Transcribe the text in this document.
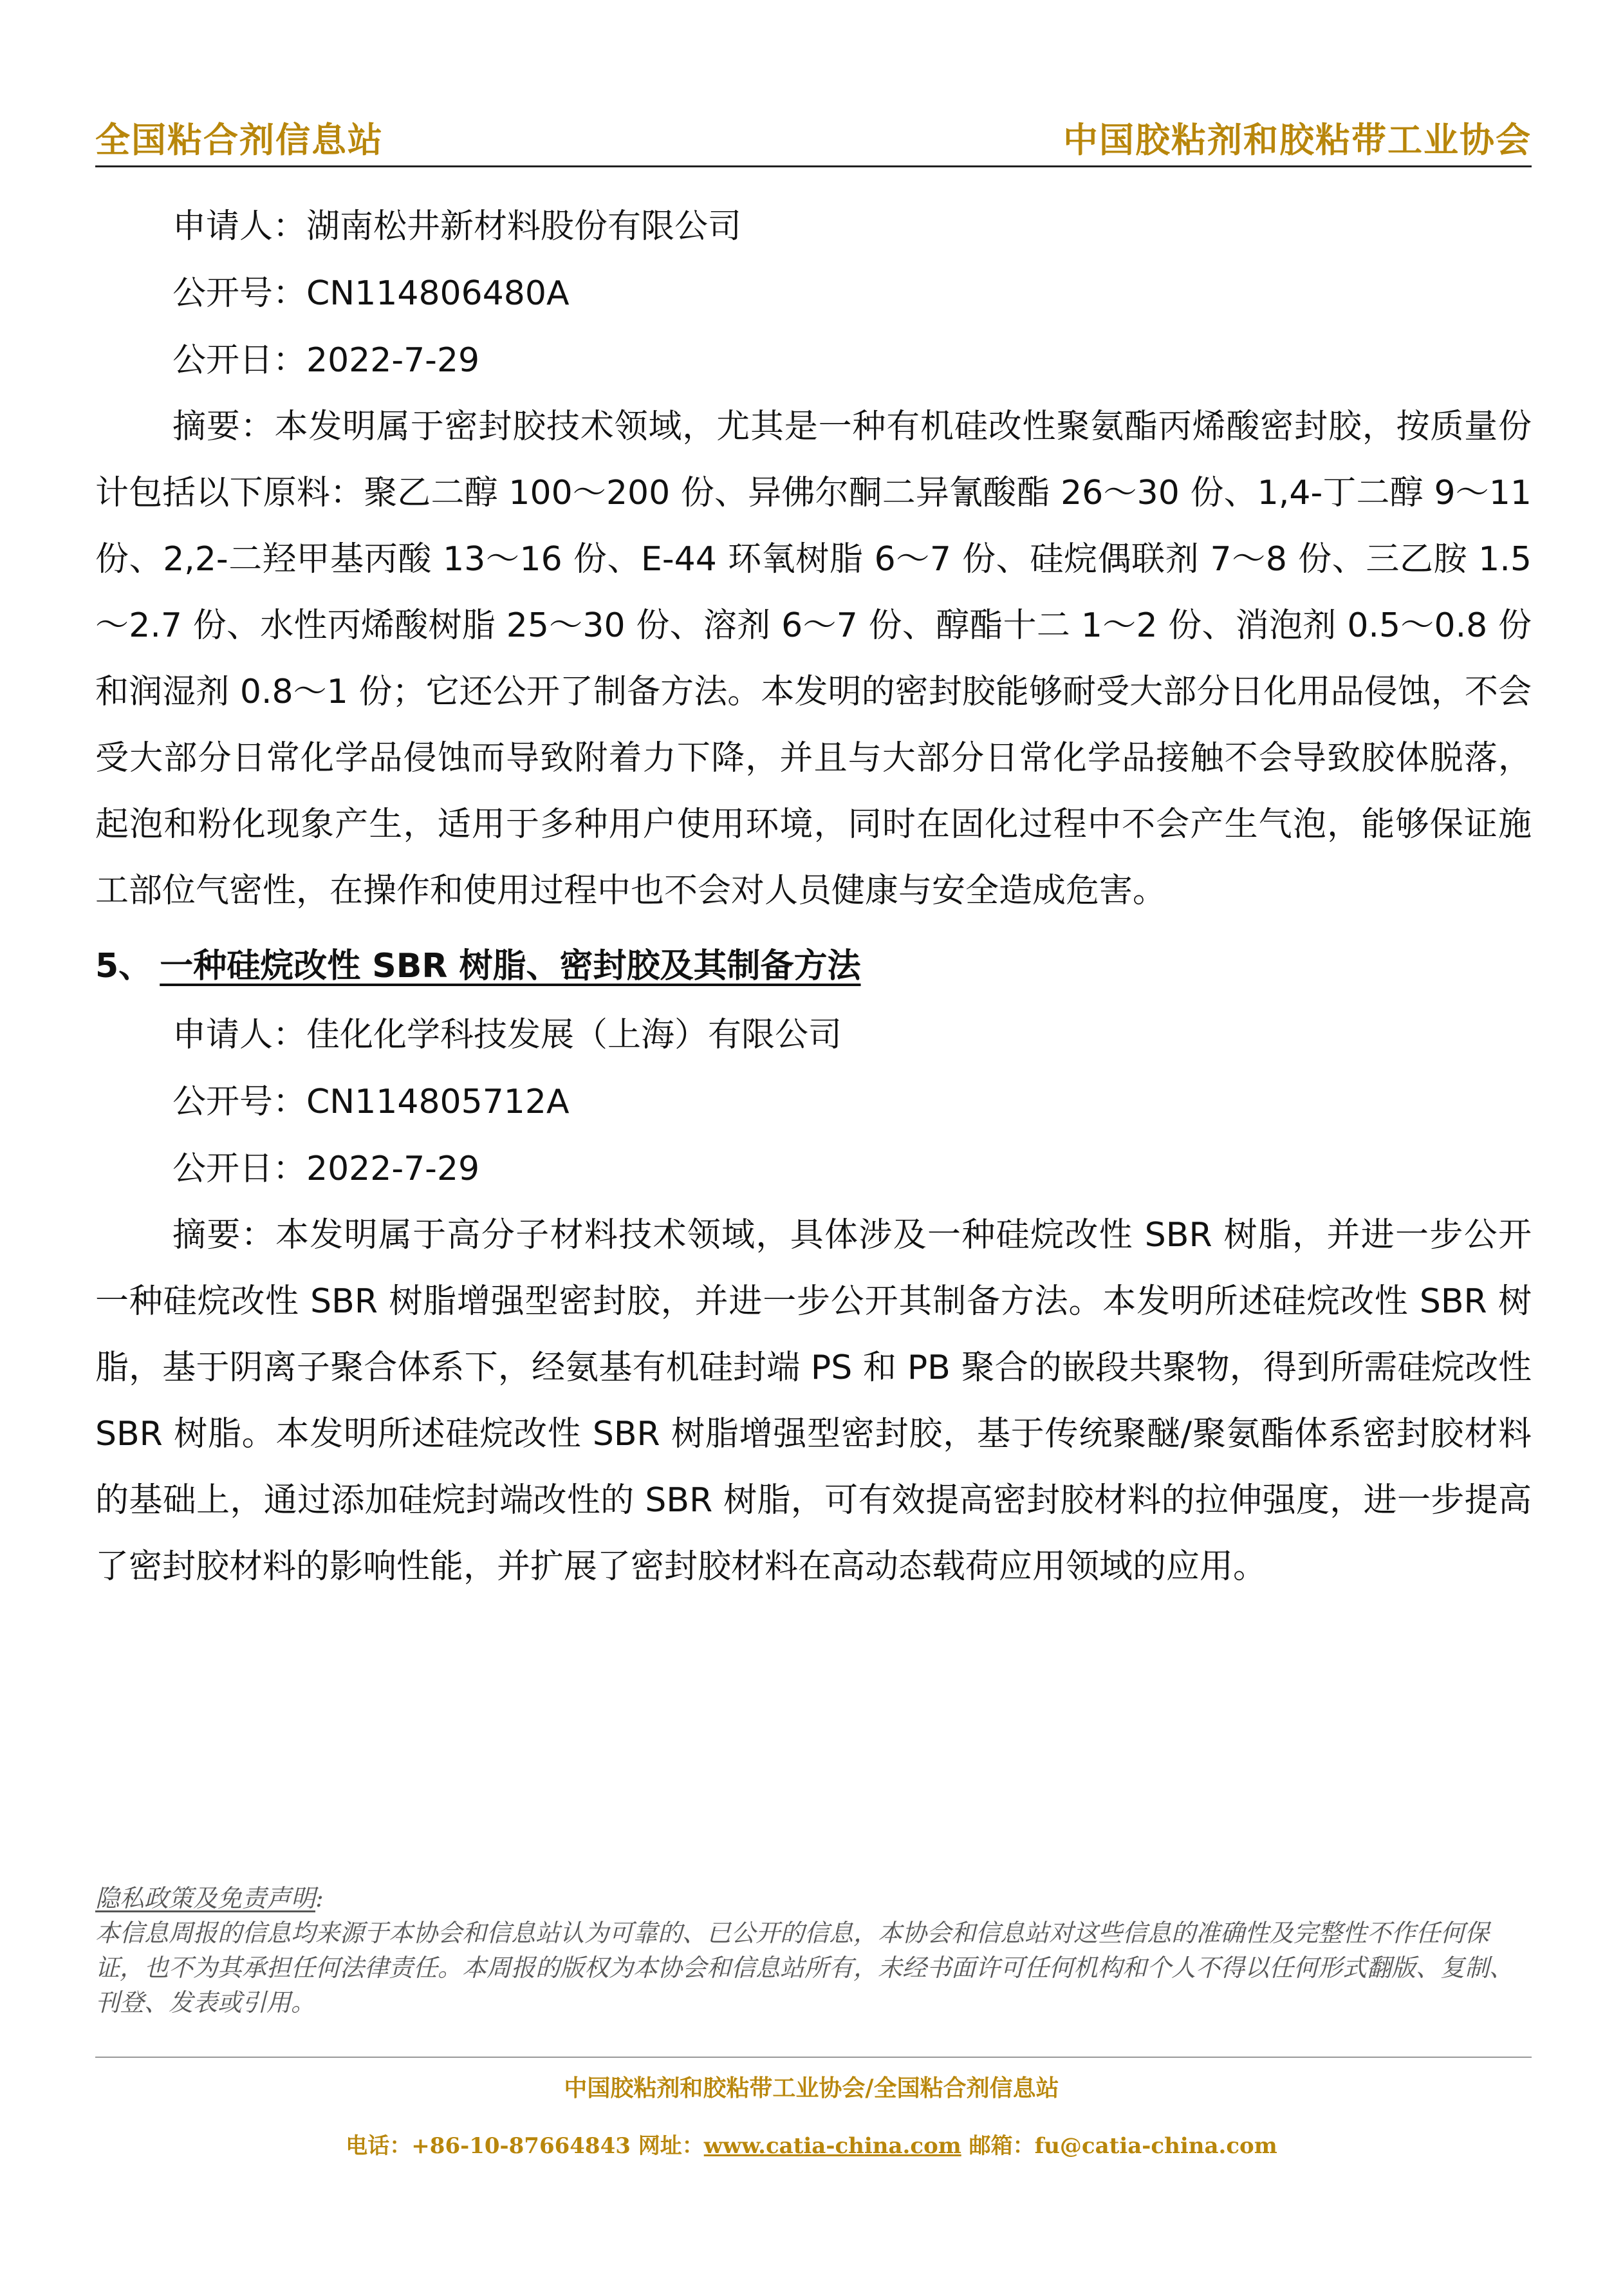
全国粘合剂信息站	中国胶粘剂和胶粘带工业协会
申请人：湖南松井新材料股份有限公司
公开号：CN114806480A
公开日：2022-7-29

摘要：本发明属于密封胶技术领域，尤其是一种有机硅改性聚氨酯丙烯酸密封胶，按质量份计包括以下原料：聚乙二醇 100～200 份、异佛尔酮二异氰酸酯 26～30 份、1,4-丁二醇 9～11 份、2,2-二羟甲基丙酸 13～16 份、E-44 环氧树脂 6～7 份、硅烷偶联剂 7～8 份、三乙胺 1.5～2.7 份、水性丙烯酸树脂 25～30 份、溶剂 6～7 份、醇酯十二 1～2 份、消泡剂 0.5～0.8 份和润湿剂 0.8～1 份；它还公开了制备方法。本发明的密封胶能够耐受大部分日化用品侵蚀，不会受大部分日常化学品侵蚀而导致附着力下降，并且与大部分日常化学品接触不会导致胶体脱落，起泡和粉化现象产生，适用于多种用户使用环境，同时在固化过程中不会产生气泡，能够保证施工部位气密性，在操作和使用过程中也不会对人员健康与安全造成危害。

5、 一种硅烷改性 SBR 树脂、密封胶及其制备方法
申请人：佳化化学科技发展（上海）有限公司
公开号：CN114805712A
公开日：2022-7-29

摘要：本发明属于高分子材料技术领域，具体涉及一种硅烷改性 SBR 树脂，并进一步公开一种硅烷改性 SBR 树脂增强型密封胶，并进一步公开其制备方法。本发明所述硅烷改性 SBR 树脂，基于阴离子聚合体系下，经氨基有机硅封端 PS 和 PB 聚合的嵌段共聚物，得到所需硅烷改性 SBR 树脂。本发明所述硅烷改性 SBR 树脂增强型密封胶，基于传统聚醚/聚氨酯体系密封胶材料的基础上，通过添加硅烷封端改性的 SBR 树脂，可有效提高密封胶材料的拉伸强度，进一步提高了密封胶材料的影响性能，并扩展了密封胶材料在高动态载荷应用领域的应用。

隐私政策及免责声明:

本信息周报的信息均来源于本协会和信息站认为可靠的、已公开的信息，本协会和信息站对这些信息的准确性及完整性不作任何保证，也不为其承担任何法律责任。本周报的版权为本协会和信息站所有，未经书面许可任何机构和个人不得以任何形式翻版、复制、刊登、发表或引用。

中国胶粘剂和胶粘带工业协会/全国粘合剂信息站
电话：+86-10-87664843 网址：www.catia-china.com 邮箱：fu@catia-china.com
